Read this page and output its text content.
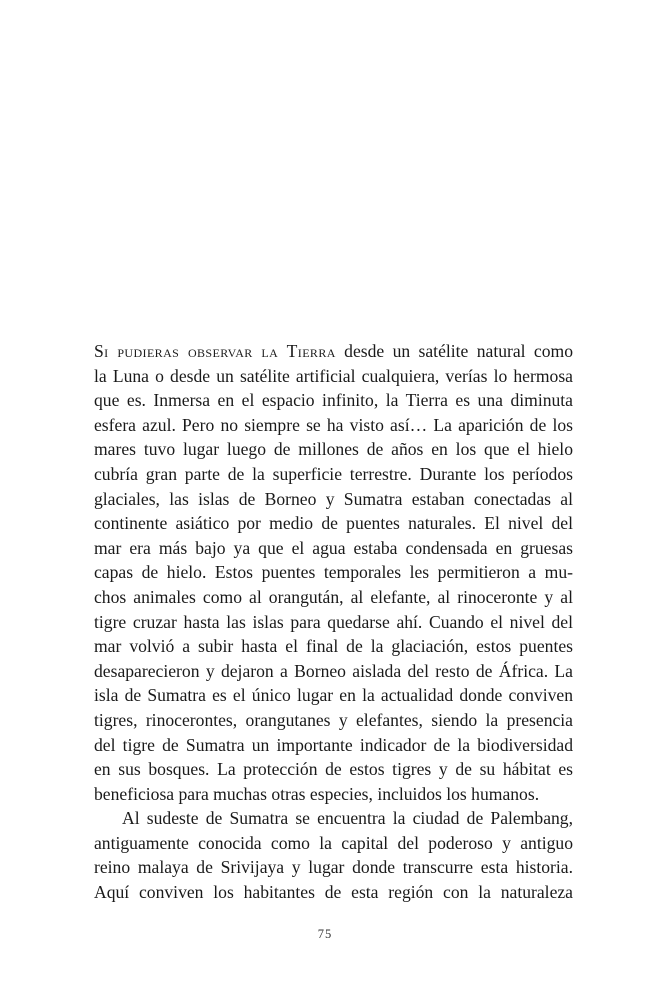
Si pudieras observar la Tierra desde un satélite natural como
la Luna o desde un satélite artificial cualquiera, verías lo hermosa
que es. Inmersa en el espacio infinito, la Tierra es una diminuta
esfera azul. Pero no siempre se ha visto así… La aparición de los
mares tuvo lugar luego de millones de años en los que el hielo
cubría gran parte de la superficie terrestre. Durante los períodos
glaciales, las islas de Borneo y Sumatra estaban conectadas al
continente asiático por medio de puentes naturales. El nivel del
mar era más bajo ya que el agua estaba condensada en gruesas
capas de hielo. Estos puentes temporales les permitieron a mu-
chos animales como al orangután, al elefante, al rinoceronte y al
tigre cruzar hasta las islas para quedarse ahí. Cuando el nivel del
mar volvió a subir hasta el final de la glaciación, estos puentes
desaparecieron y dejaron a Borneo aislada del resto de África. La
isla de Sumatra es el único lugar en la actualidad donde conviven
tigres, rinocerontes, orangutanes y elefantes, siendo la presencia
del tigre de Sumatra un importante indicador de la biodiversidad
en sus bosques. La protección de estos tigres y de su hábitat es
beneficiosa para muchas otras especies, incluidos los humanos.
Al sudeste de Sumatra se encuentra la ciudad de Palembang,
antiguamente conocida como la capital del poderoso y antiguo
reino malaya de Srivijaya y lugar donde transcurre esta historia.
Aquí conviven los habitantes de esta región con la naturaleza
75
